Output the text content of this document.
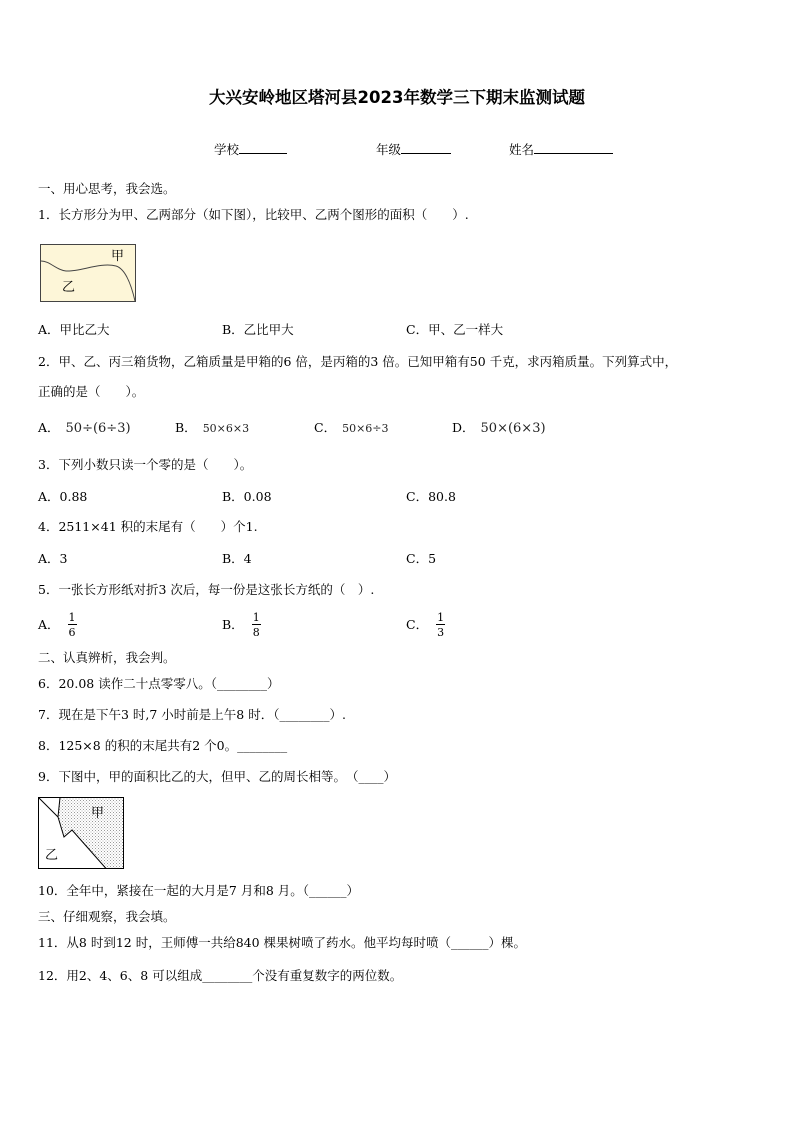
大兴安岭地区塔河县2023年数学三下期末监测试题
学校	年级	姓名
一、用心思考，我会选。
1．长方形分为甲、乙两部分（如下图），比较甲、乙两个图形的面积（　　）.
甲
乙
A．甲比乙大	B．乙比甲大	C．甲、乙一样大
2．甲、乙、丙三箱货物，乙箱质量是甲箱的6 倍，是丙箱的3 倍。已知甲箱有50 千克，求丙箱质量。下列算式中，
正确的是（　　）。
A． 50÷(6÷3)	B． 50×6×3	C． 50×6÷3	D． 50×(6×3)
3．下列小数只读一个零的是（　　）。
A．0.88	B．0.08	C．80.8
4．2511×41 积的末尾有（　　）个1.
A．3	B．4	C．5
5．一张长方形纸对折3 次后，每一份是这张长方纸的（　）.
A． $\frac{1}{6}$	B． $\frac{1}{8}$	C． $\frac{1}{3}$
二、认真辨析，我会判。
6．20.08 读作二十点零零八。（________）
7．现在是下午3 时,7 小时前是上午8 时．（________）.
8．125×8 的积的末尾共有2 个0。________
9．下图中，甲的面积比乙的大，但甲、乙的周长相等。　（____）
甲
乙
10．全年中，紧接在一起的大月是7 月和8 月。（______）
三、仔细观察，我会填。
11．从8 时到12 时，王师傅一共给840 棵果树喷了药水。他平均每时喷（______）棵。
12．用2、4、6、8 可以组成________个没有重复数字的两位数。
